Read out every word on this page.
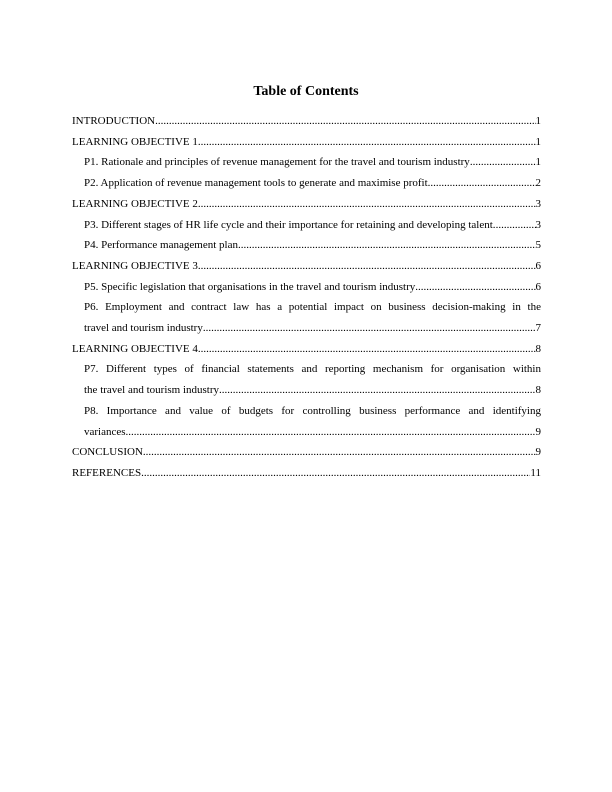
Table of Contents
INTRODUCTION .....	1
LEARNING OBJECTIVE 1 .....	1
P1. Rationale and principles of revenue management for the travel and tourism industry .....	1
P2. Application of revenue management tools to generate and maximise profit .....	2
LEARNING OBJECTIVE 2 .....	3
P3. Different stages of HR life cycle and their importance for retaining and developing talent. .....	3
P4. Performance management plan .....	5
LEARNING OBJECTIVE 3 .....	6
P5. Specific legislation that organisations in the travel and tourism industry .....	6
P6. Employment and contract law has a potential impact on business decision-making in the
travel and tourism industry .....	7
LEARNING OBJECTIVE 4 .....	8
P7. Different types of financial statements and reporting mechanism for organisation within
the travel and tourism industry .....	8
P8. Importance and value of budgets for controlling business performance and identifying
variances .....	9
CONCLUSION .....	9
REFERENCES .....	11
